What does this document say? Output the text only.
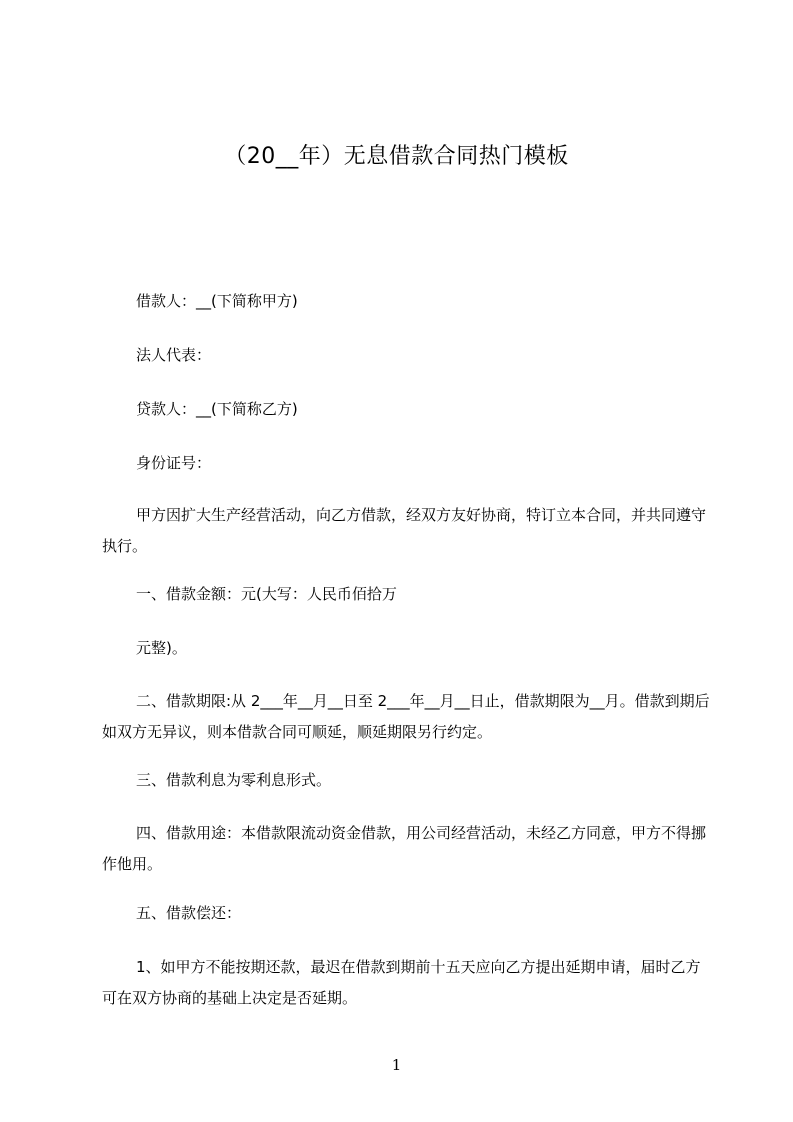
（20__年）无息借款合同热门模板
借款人：__(下简称甲方)
法人代表：
贷款人：__(下简称乙方)
身份证号：
甲方因扩大生产经营活动，向乙方借款，经双方友好协商，特订立本合同，并共同遵守执行。
一、借款金额：元(大写：人民币佰拾万
元整)。
二、借款期限:从 2___年__月__日至 2___年__月__日止，借款期限为__月。借款到期后如双方无异议，则本借款合同可顺延，顺延期限另行约定。
三、借款利息为零利息形式。
四、借款用途：本借款限流动资金借款，用公司经营活动，未经乙方同意，甲方不得挪作他用。
五、借款偿还：
1、如甲方不能按期还款，最迟在借款到期前十五天应向乙方提出延期申请，届时乙方可在双方协商的基础上决定是否延期。
1
